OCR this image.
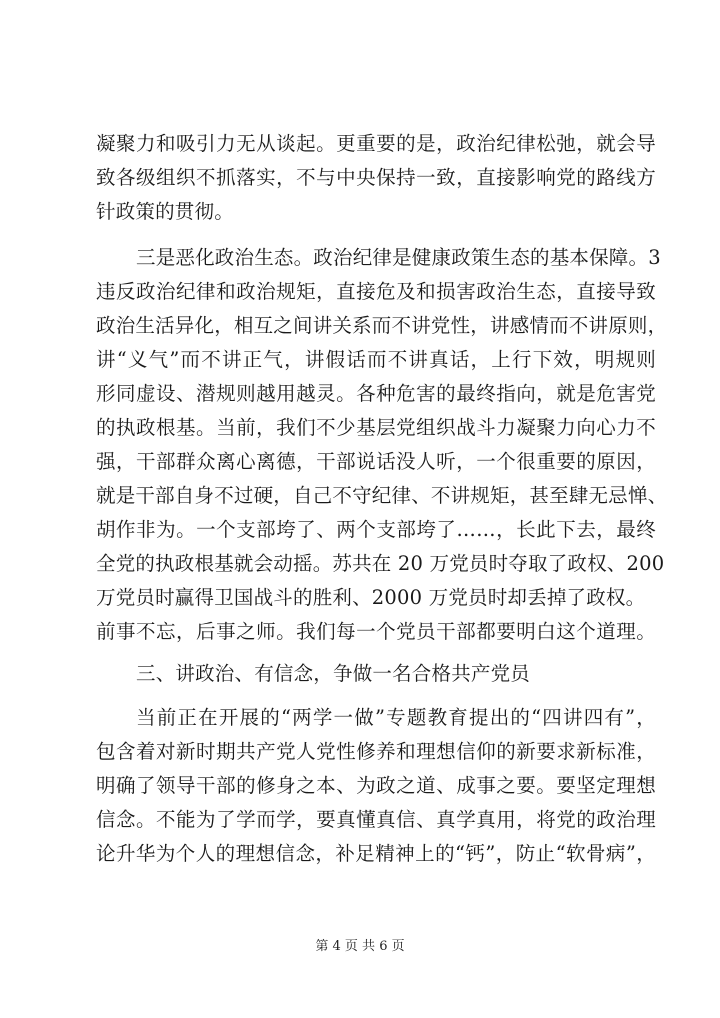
凝聚力和吸引力无从谈起。更重要的是，政治纪律松弛，就会导
致各级组织不抓落实，不与中央保持一致，直接影响党的路线方
针政策的贯彻。
三是恶化政治生态。政治纪律是健康政策生态的基本保障。3
违反政治纪律和政治规矩，直接危及和损害政治生态，直接导致
政治生活异化，相互之间讲关系而不讲党性，讲感情而不讲原则，
讲“义气”而不讲正气，讲假话而不讲真话，上行下效，明规则
形同虚设、潜规则越用越灵。各种危害的最终指向，就是危害党
的执政根基。当前，我们不少基层党组织战斗力凝聚力向心力不
强，干部群众离心离德，干部说话没人听，一个很重要的原因，
就是干部自身不过硬，自己不守纪律、不讲规矩，甚至肆无忌惮、
胡作非为。一个支部垮了、两个支部垮了……，长此下去，最终
全党的执政根基就会动摇。苏共在 20 万党员时夺取了政权、200
万党员时赢得卫国战斗的胜利、2000 万党员时却丢掉了政权。
前事不忘，后事之师。我们每一个党员干部都要明白这个道理。
三、讲政治、有信念，争做一名合格共产党员
当前正在开展的“两学一做”专题教育提出的“四讲四有”，
包含着对新时期共产党人党性修养和理想信仰的新要求新标准，
明确了领导干部的修身之本、为政之道、成事之要。要坚定理想
信念。不能为了学而学，要真懂真信、真学真用，将党的政治理
论升华为个人的理想信念，补足精神上的“钙”，防止“软骨病”，
第 4 页 共 6 页
